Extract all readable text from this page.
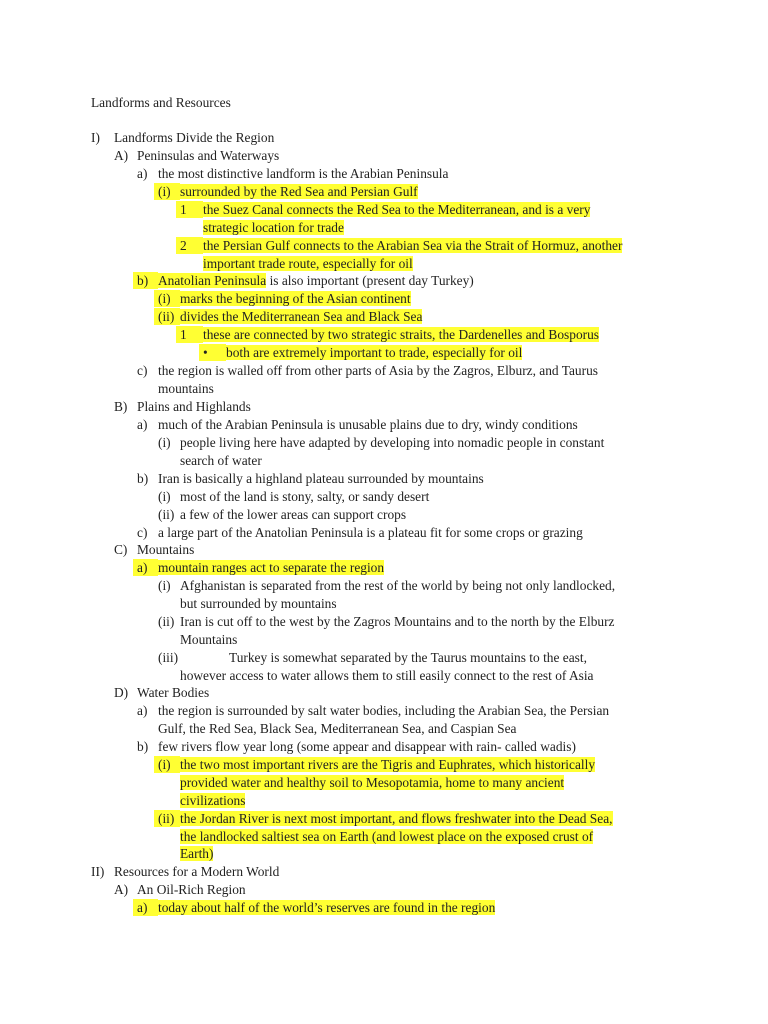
Landforms and Resources
I) Landforms Divide the Region
A) Peninsulas and Waterways
a) the most distinctive landform is the Arabian Peninsula
(i) surrounded by the Red Sea and Persian Gulf
1	the Suez Canal connects the Red Sea to the Mediterranean, and is a very
strategic location for trade
2	the Persian Gulf connects to the Arabian Sea via the Strait of Hormuz, another
important trade route, especially for oil
b) Anatolian Peninsula is also important (present day Turkey)
(i) marks the beginning of the Asian continent
(ii) divides the Mediterranean Sea and Black Sea
1	these are connected by two strategic straits, the Dardenelles and Bosporus
•	both are extremely important to trade, especially for oil
c) the region is walled off from other parts of Asia by the Zagros, Elburz, and Taurus
mountains
B) Plains and Highlands
a) much of the Arabian Peninsula is unusable plains due to dry, windy conditions
(i) people living here have adapted by developing into nomadic people in constant
search of water
b) Iran is basically a highland plateau surrounded by mountains
(i) most of the land is stony, salty, or sandy desert
(ii) a few of the lower areas can support crops
c) a large part of the Anatolian Peninsula is a plateau fit for some crops or grazing
C) Mountains
a) mountain ranges act to separate the region
(i) Afghanistan is separated from the rest of the world by being not only landlocked,
but surrounded by mountains
(ii) Iran is cut off to the west by the Zagros Mountains and to the north by the Elburz
Mountains
(iii)	Turkey is somewhat separated by the Taurus mountains to the east,
however access to water allows them to still easily connect to the rest of Asia
D) Water Bodies
a) the region is surrounded by salt water bodies, including the Arabian Sea, the Persian
Gulf, the Red Sea, Black Sea, Mediterranean Sea, and Caspian Sea
b) few rivers flow year long (some appear and disappear with rain- called wadis)
(i) the two most important rivers are the Tigris and Euphrates, which historically
provided water and healthy soil to Mesopotamia, home to many ancient
civilizations
(ii) the Jordan River is next most important, and flows freshwater into the Dead Sea,
the landlocked saltiest sea on Earth (and lowest place on the exposed crust of
Earth)
II) Resources for a Modern World
A) An Oil-Rich Region
a) today about half of the world’s reserves are found in the region
